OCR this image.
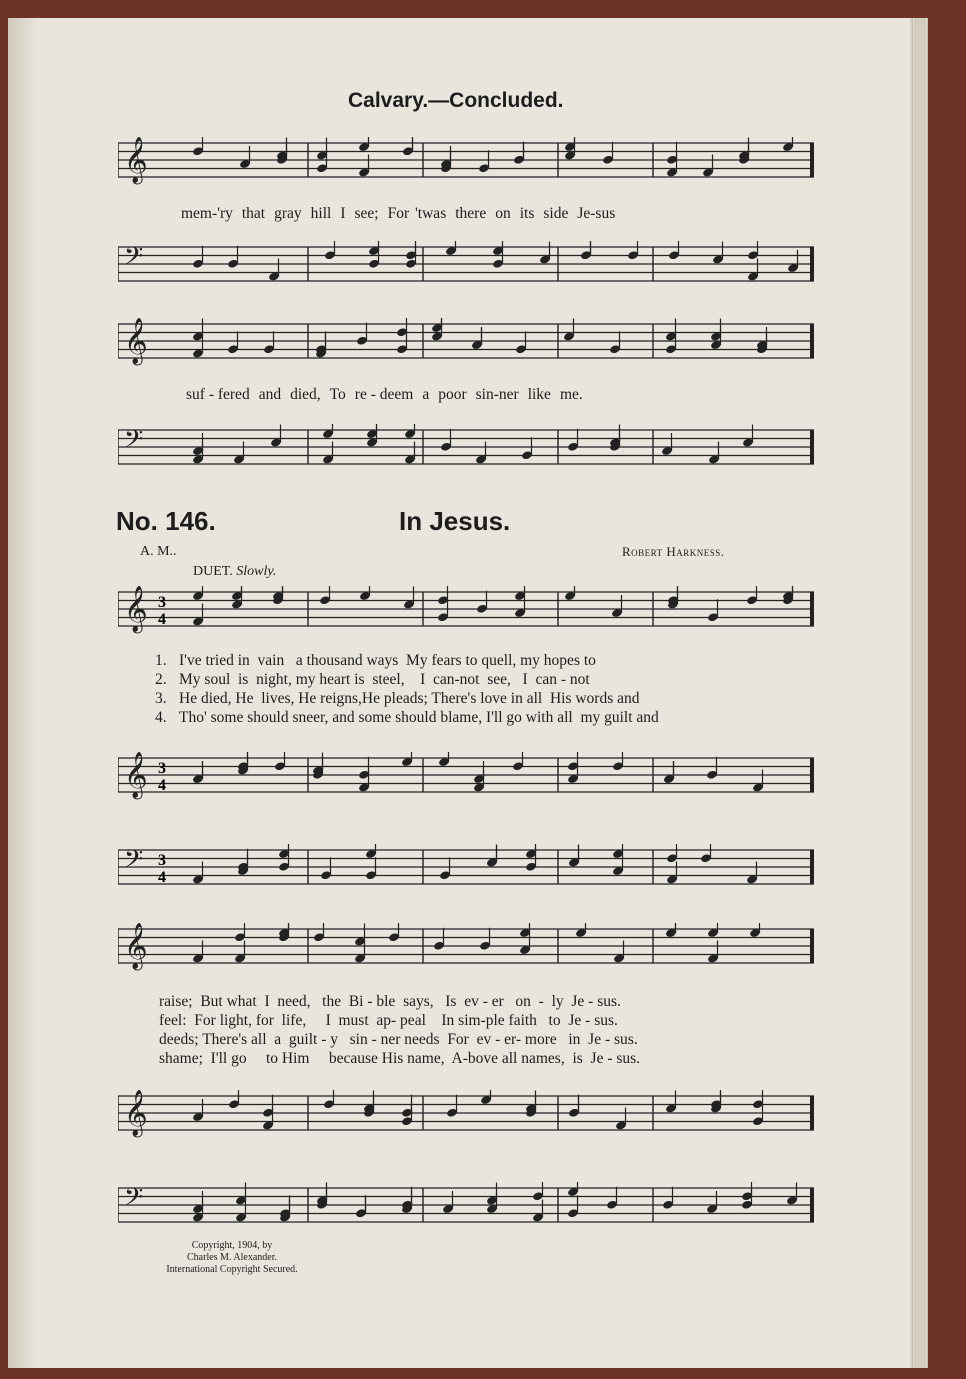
Calvary.—Concluded.
𝄞
mem-'ry that gray hill I see; For 'twas there on its side Je-sus
𝄢
𝄞
suf - fered and died, To re - deem a poor sin-ner like me.
𝄢
No. 146.	In Jesus.
A. M..	Robert Harkness.
DUET. Slowly.
𝄞 3
4
1. I've tried in  vain   a thousand ways  My fears to quell, my hopes to
2. My soul  is  night, my heart is  steel,    I  can-not  see,   I  can - not
3. He died, He  lives, He reigns,He pleads; There's love in all  His words and
4. Tho' some should sneer, and some should blame, I'll go with all  my guilt and
𝄞 3
4
𝄢 3
4
𝄞
raise;  But what  I  need,   the  Bi - ble  says,   Is  ev - er   on  -  ly  Je - sus.
feel:  For light, for  life,     I  must  ap- peal    In sim-ple faith   to  Je - sus.
deeds; There's all  a  guilt - y   sin - ner needs  For  ev - er- more   in  Je - sus.
shame;  I'll go     to Him     because His name,  A-bove all names,  is  Je - sus.
𝄞
𝄢
Copyright, 1904, by
Charles M. Alexander.
International Copyright Secured.
